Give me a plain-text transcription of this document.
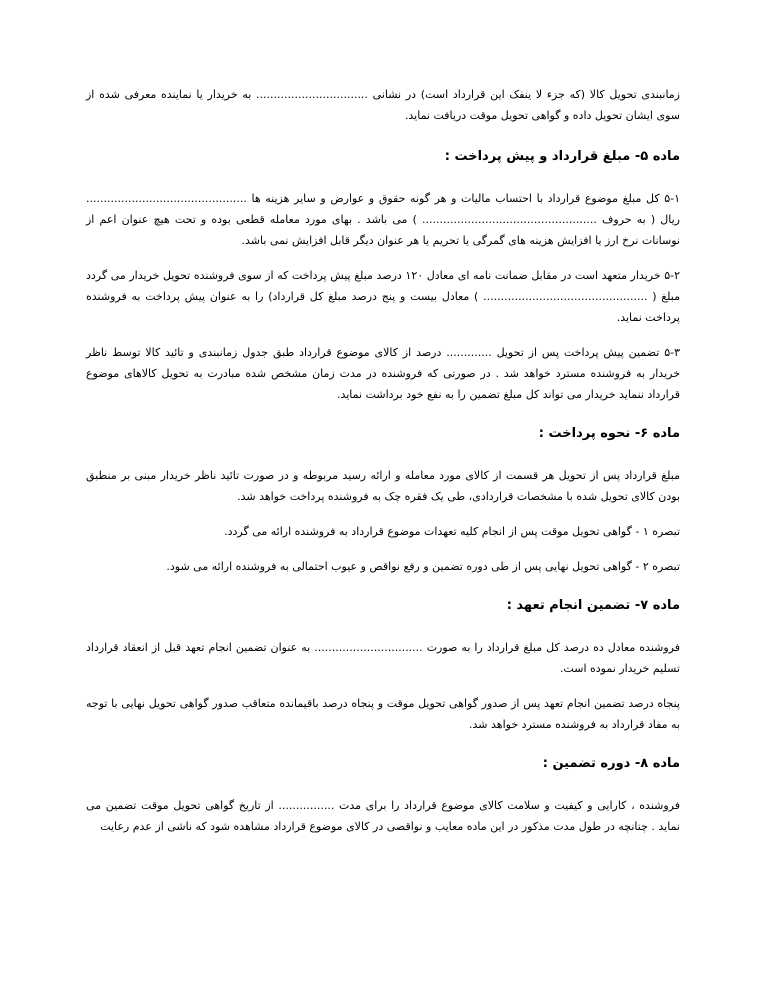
زمانبندی تحویل کالا (که جزء لا ینفک این قرارداد است) در نشانی ................................ به خریدار یا نماینده معرفی شده از سوی ایشان تحویل داده و گواهی تحویل موقت دریافت نماید.

ماده ۵- مبلغ قرارداد و پیش پرداخت :

۵-۱ کل مبلغ موضوع قرارداد با احتساب مالیات و هر گونه حقوق و عوارض و سایر هزینه ها .............................................. ریال ( به حروف .................................................. ) می باشد . بهای مورد معامله قطعی بوده و تحت هیچ عنوان اعم از نوسانات نرخ ارز یا افزایش هزینه های گمرگی یا تحریم یا هر عنوان دیگر قابل افزایش نمی باشد.

۵-۲ خریدار متعهد است در مقابل ضمانت نامه ای معادل ۱۲۰ درصد مبلغ پیش پرداخت که از سوی فروشنده تحویل خریدار می گردد مبلغ ( ............................................... ) معادل بیست و پنج درصد مبلغ کل قرارداد) را به عنوان پیش پرداخت به فروشنده پرداخت نماید.

۵-۳ تضمین پیش پرداخت پس از تحویل ............. درصد از کالای موضوع قرارداد طبق جدول زمانبندی و تائید کالا توسط ناظر خریدار به فروشنده مسترد خواهد شد . در صورتی که فروشنده در مدت زمان مشخص شده مبادرت به تحویل کالاهای موضوع قرارداد ننماید خریدار می تواند کل مبلغ تضمین را به نفع خود برداشت نماید.

ماده ۶- نحوه پرداخت :

مبلغ قرارداد پس از تحویل هر قسمت از کالای مورد معامله و ارائه رسید مربوطه و در صورت تائید ناظر خریدار مبنی بر منطبق بودن کالای تحویل شده با مشخصات قراردادی، طی یک فقره چک به فروشنده پرداخت خواهد شد.

تبصره ۱ - گواهی تحویل موقت پس از انجام کلیه تعهدات موضوع قرارداد به فروشنده ارائه می گردد.

تبصره ۲ - گواهی تحویل نهایی پس از طی دوره تضمین و رفع نواقص و عیوب احتمالی به فروشنده ارائه می شود.

ماده ۷- تضمین انجام تعهد :

فروشنده معادل ده درصد کل مبلغ قرارداد را به صورت ............................... به عنوان تضمین انجام تعهد قبل از انعقاد قرارداد تسلیم خریدار نموده است.

پنجاه درصد تضمین انجام تعهد پس از صدور گواهی تحویل موقت و پنجاه درصد باقیمانده متعاقب صدور گواهی تحویل نهایی با توجه به مفاد قرارداد به فروشنده مسترد خواهد شد.

ماده ۸- دوره تضمین :

فروشنده ، کارایی و کیفیت و سلامت کالای موضوع قرارداد را برای مدت ................ از تاریخ گواهی تحویل موقت تضمین می نماید . چنانچه در طول مدت مذکور در این ماده معایب و نواقصی در کالای موضوع قرارداد مشاهده شود که ناشی از عدم رعایت
